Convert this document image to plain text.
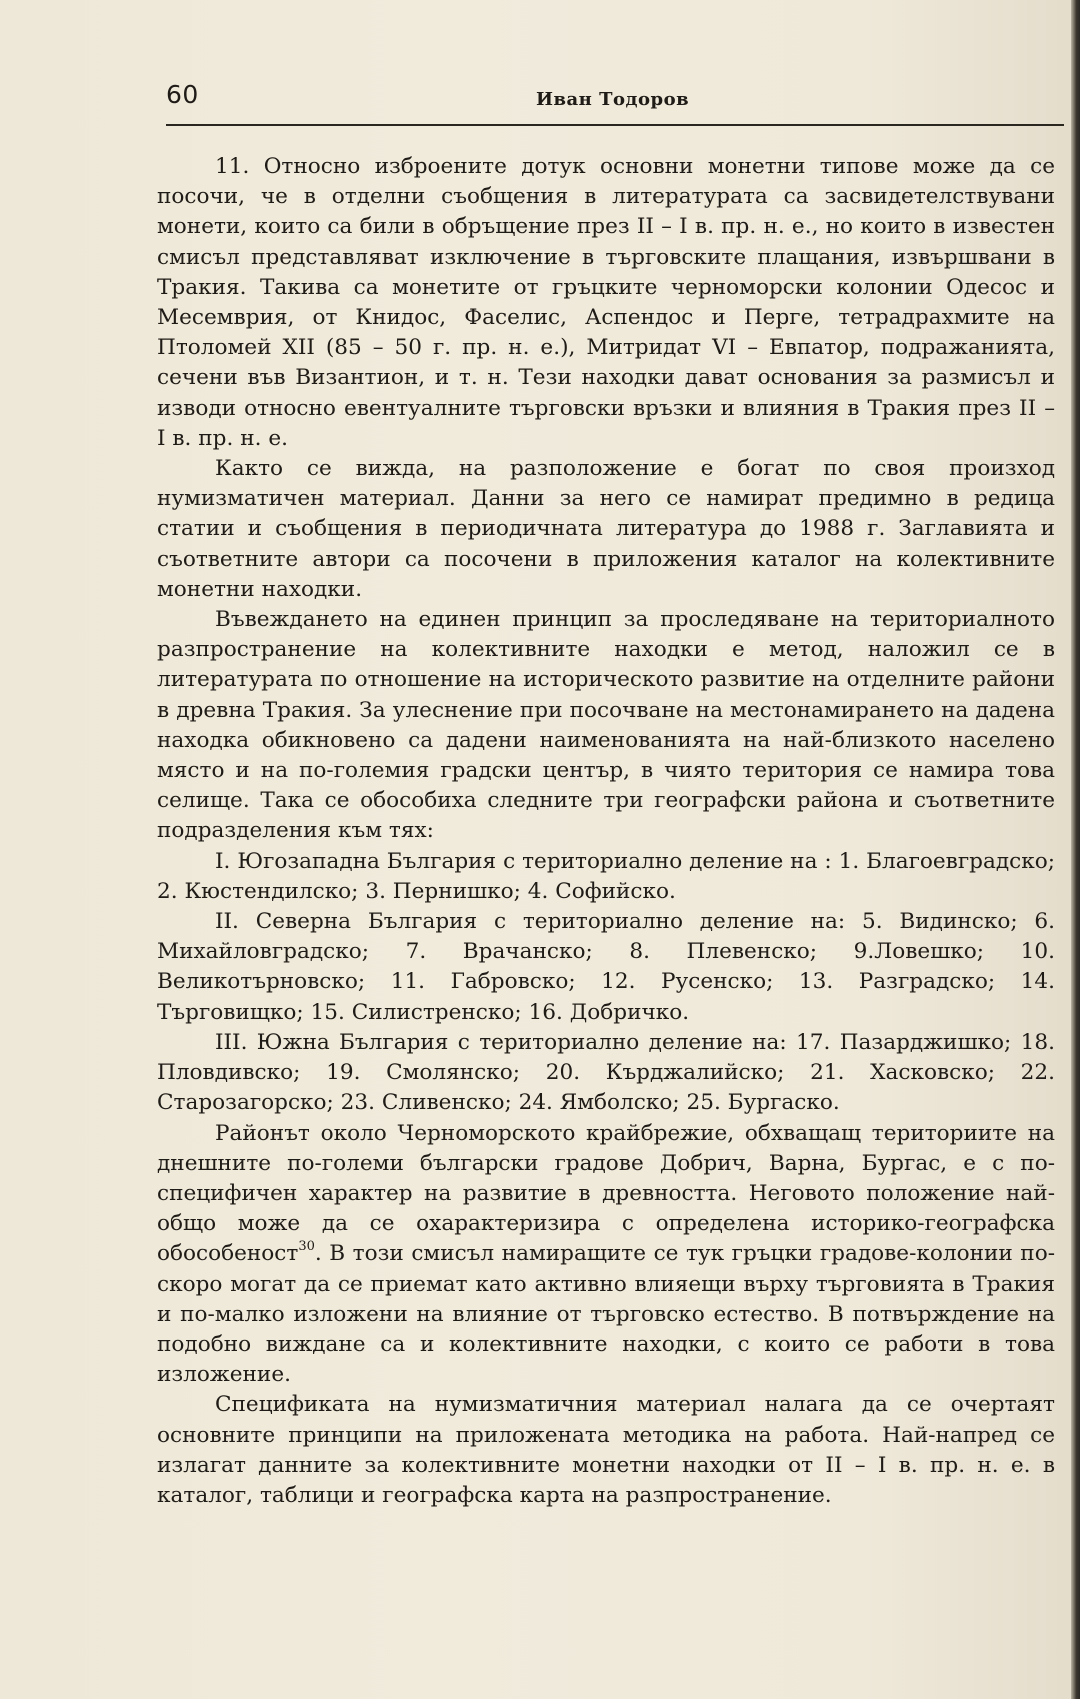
60	Иван Тодоров

11. Относно изброените дотук основни монетни типове може да се посочи, че в отделни съобщения в литературата са засвидетелствувани монети, които са били в обръщение през II – I в. пр. н. е., но които в известен смисъл представляват изключение в търговските плащания, извършвани в Тракия. Такива са монетите от гръцките черноморски колонии Одесос и Месемврия, от Книдос, Фаселис, Аспендос и Перге, тетрадрахмите на Птоломей XII (85 – 50 г. пр. н. е.), Митридат VI – Евпатор, подражанията, сечени във Византион, и т. н. Тези находки дават основания за размисъл и изводи относно евентуалните търговски връзки и влияния в Тракия през II – I в. пр. н. е.

Както се вижда, на разположение е богат по своя произход нумизматичен материал. Данни за него се намират предимно в редица статии и съобщения в периодичната литература до 1988 г. Заглавията и съответните автори са посочени в приложения каталог на колективните монетни находки.

Въвеждането на единен принцип за проследяване на териториалното разпространение на колективните находки е метод, наложил се в литературата по отношение на историческото развитие на отделните райони в древна Тракия. За улеснение при посочване на местонамирането на дадена находка обикновено са дадени наименованията на най-близкото населено място и на по-големия градски център, в чиято територия се намира това селище. Така се обособиха следните три географски района и съответните подразделения към тях:

I. Югозападна България с териториално деление на : 1. Благоевградско; 2. Кюстендилско; 3. Пернишко; 4. Софийско.

II. Северна България с териториално деление на: 5. Видинско; 6. Михайловградско; 7. Врачанско; 8. Плевенско; 9.Ловешко; 10. Великотърновско; 11. Габровско; 12. Русенско; 13. Разградско; 14. Търговищко; 15. Силистренско; 16. Добричко.

III. Южна България с териториално деление на: 17. Пазарджишко; 18. Пловдивско; 19. Смолянско; 20. Кърджалийско; 21. Хасковско; 22. Старозагорско; 23. Сливенско; 24. Ямболско; 25. Бургаско.

Районът около Черноморското крайбрежие, обхващащ териториите на днешните по-големи български градове Добрич, Варна, Бургас, е с по-специфичен характер на развитие в древността. Неговото положение най-общо може да се охарактеризира с определена историко-географска обособеност$^{30}$. В този смисъл намиращите се тук гръцки градове-колонии по-скоро могат да се приемат като активно влияещи върху търговията в Тракия и по-малко изложени на влияние от търговско естество. В потвърждение на подобно виждане са и колективните находки, с които се работи в това изложение.

Спецификата на нумизматичния материал налага да се очертаят основните принципи на приложената методика на работа. Най-напред се излагат данните за колективните монетни находки от II – I в. пр. н. е. в каталог, таблици и географска карта на разпространение.
